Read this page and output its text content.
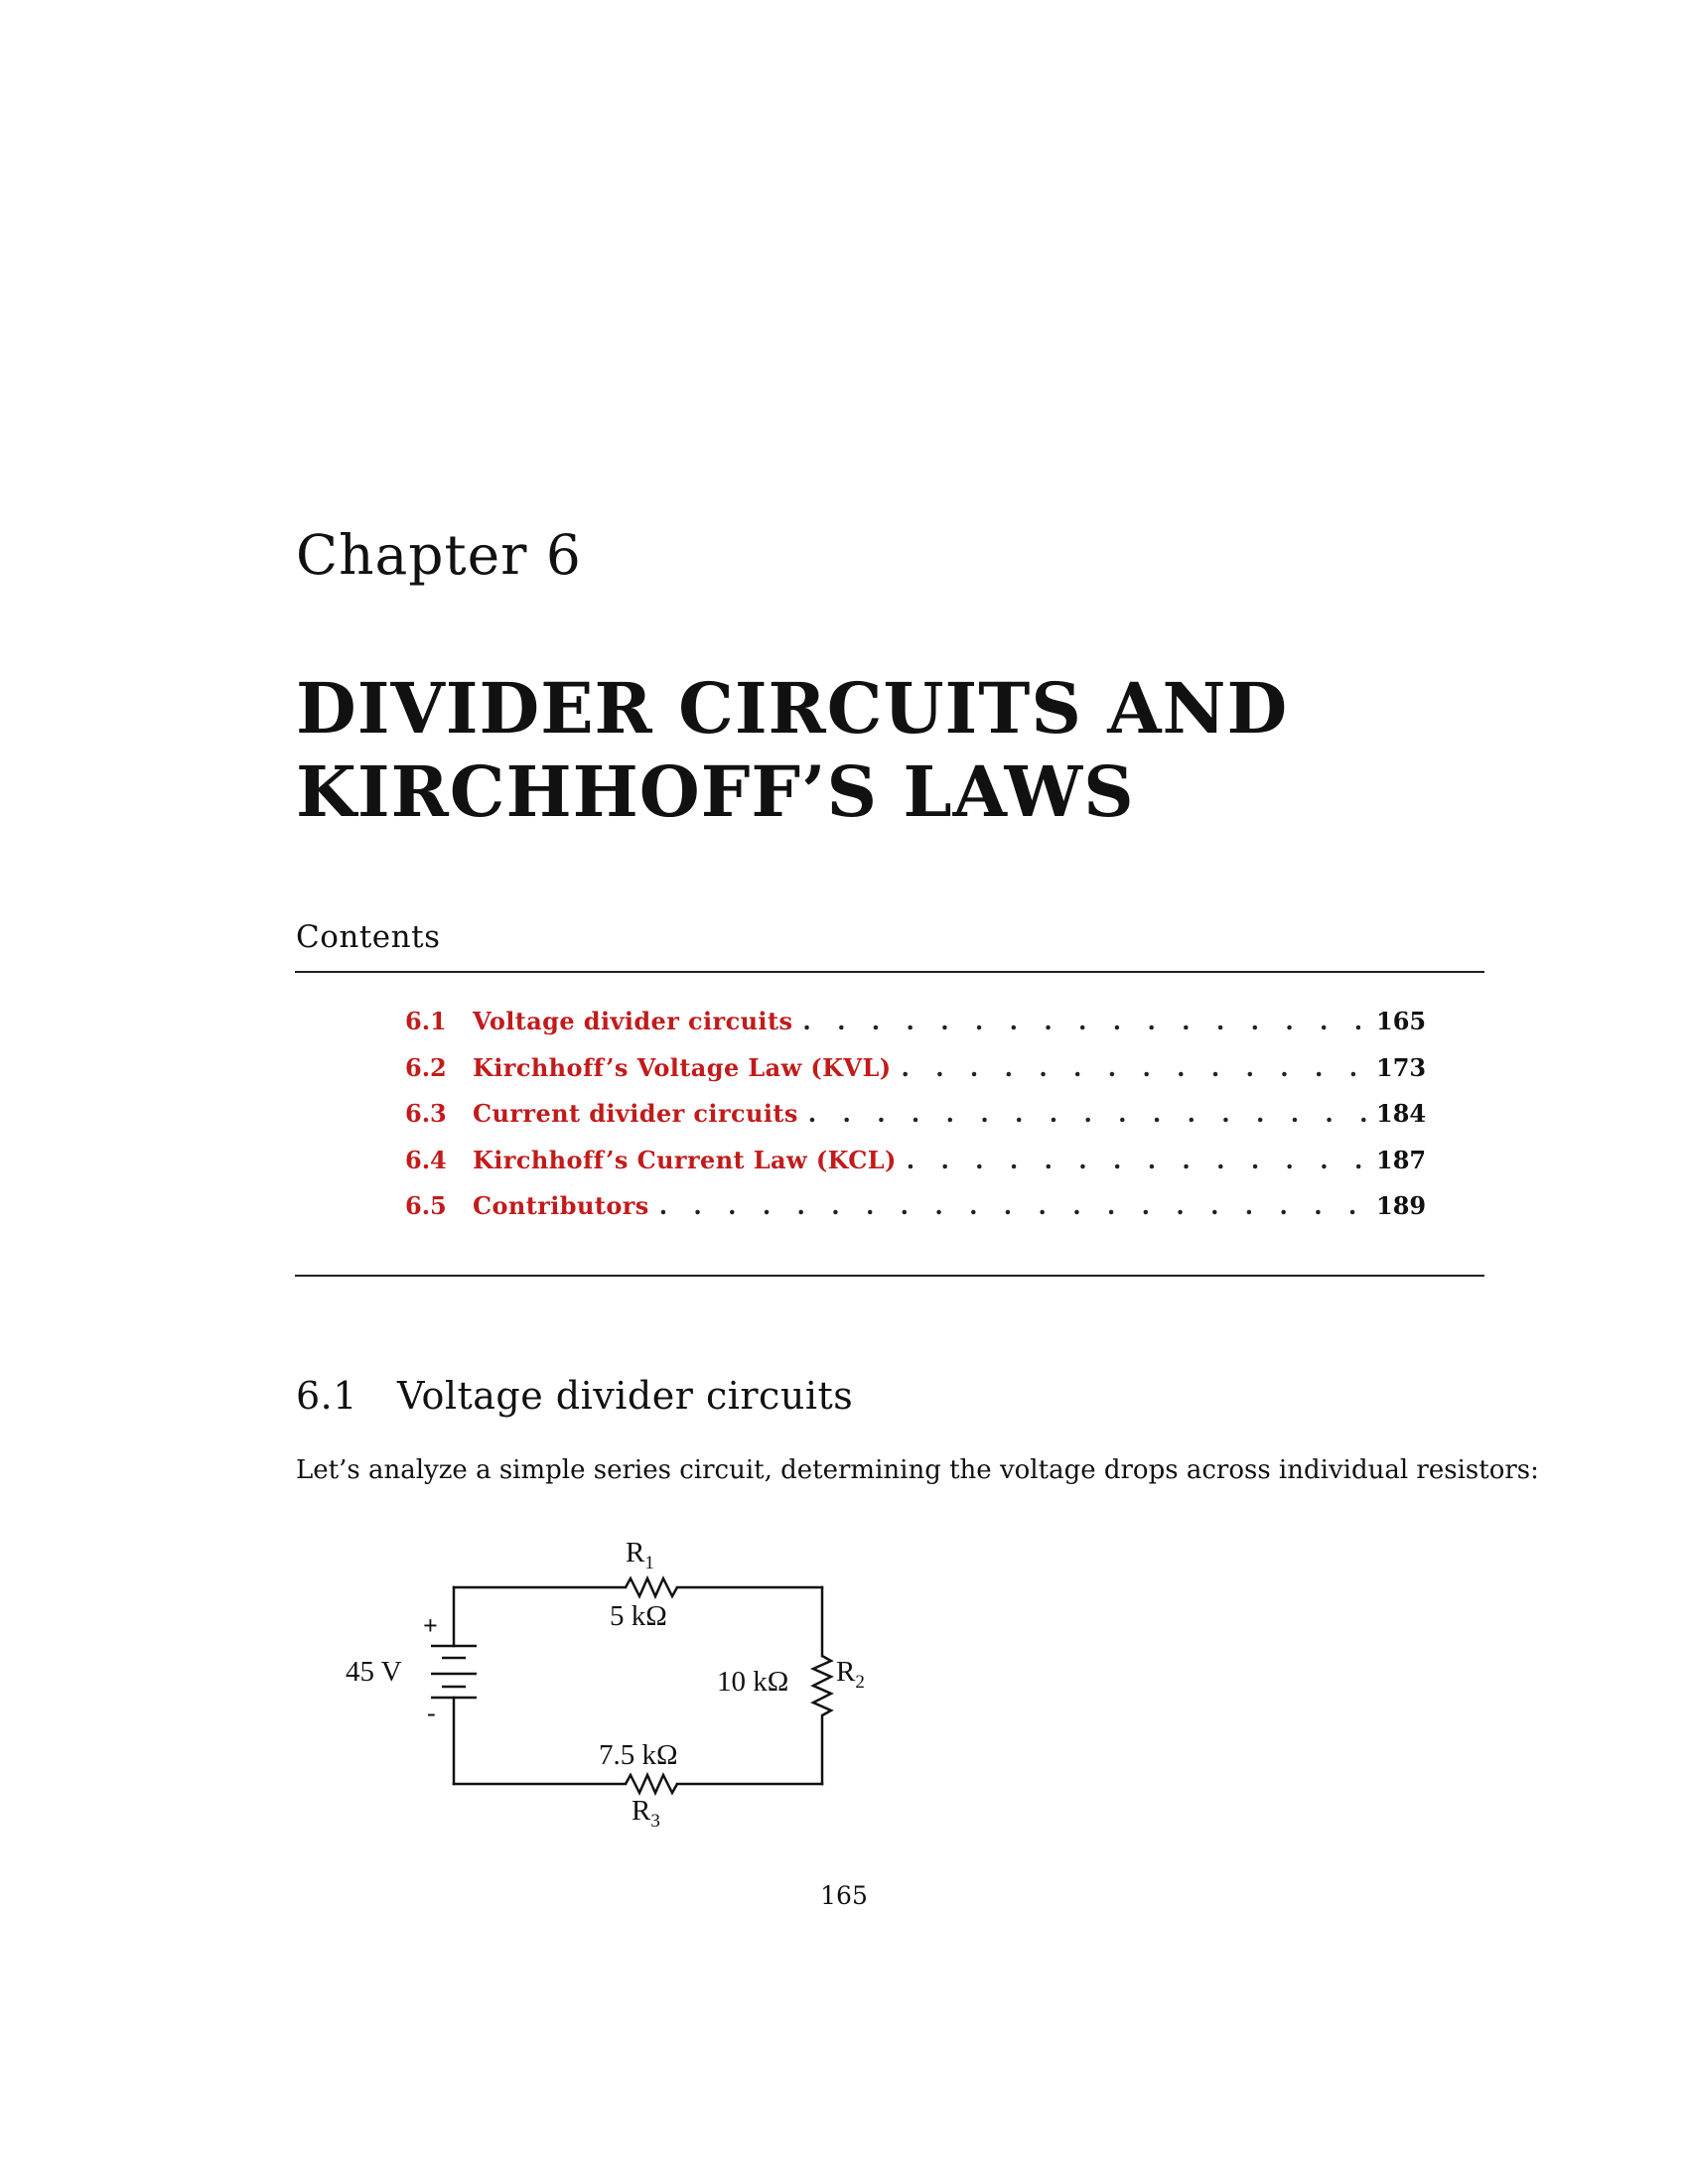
Chapter 6
DIVIDER CIRCUITS AND
KIRCHHOFF’S LAWS
Contents
6.1	Voltage divider circuits . . .	165
6.2	Kirchhoff’s Voltage Law (KVL) . . .	173
6.3	Current divider circuits . . .	184
6.4	Kirchhoff’s Current Law (KCL) . . .	187
6.5	Contributors . . .	189
6.1 Voltage divider circuits
Let’s analyze a simple series circuit, determining the voltage drops across individual resistors:
+
-
45 V
$R_1$
5 kΩ
10 kΩ R2
7.5 kΩ
R3
165
